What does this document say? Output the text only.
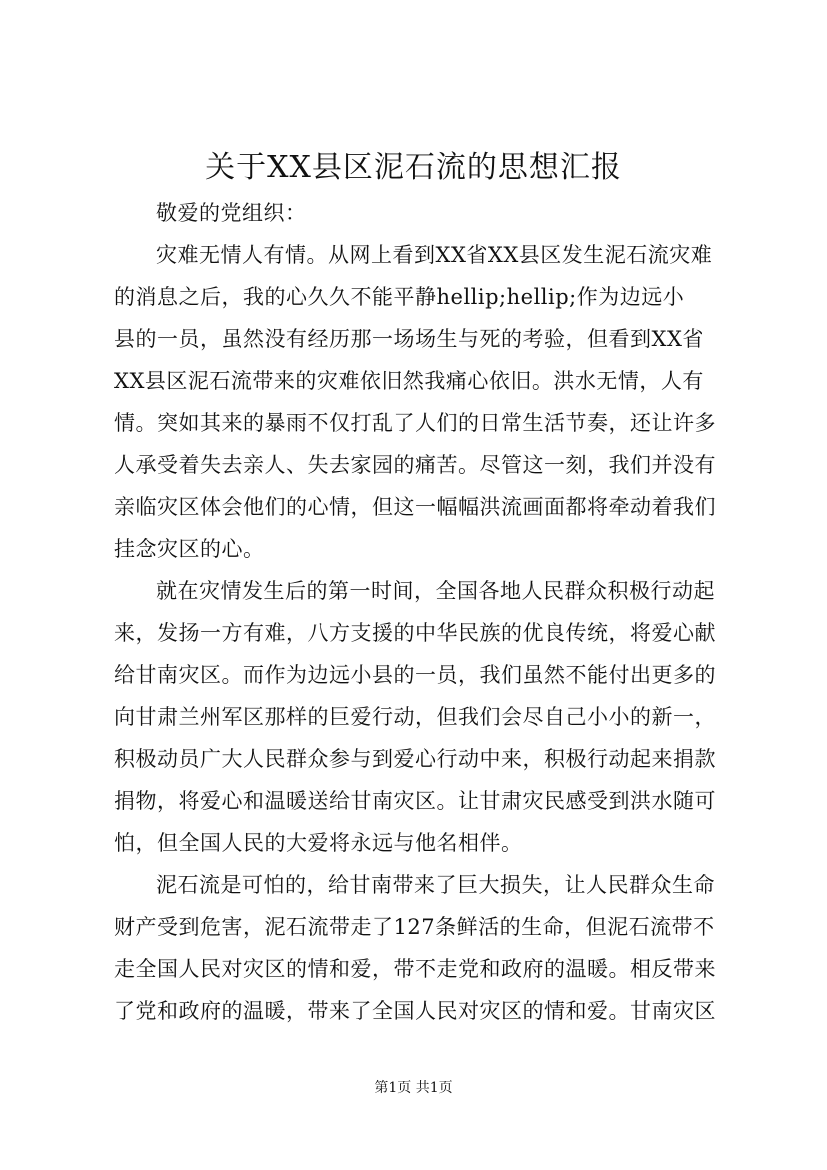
关于XX县区泥石流的思想汇报
敬爱的党组织：
灾难无情人有情。从网上看到XX省XX县区发生泥石流灾难
的消息之后，我的心久久不能平静hellip;hellip;作为边远小
县的一员，虽然没有经历那一场场生与死的考验，但看到XX省
XX县区泥石流带来的灾难依旧然我痛心依旧。洪水无情，人有
情。突如其来的暴雨不仅打乱了人们的日常生活节奏，还让许多
人承受着失去亲人、失去家园的痛苦。尽管这一刻，我们并没有
亲临灾区体会他们的心情，但这一幅幅洪流画面都将牵动着我们
挂念灾区的心。
就在灾情发生后的第一时间，全国各地人民群众积极行动起
来，发扬一方有难，八方支援的中华民族的优良传统，将爱心献
给甘南灾区。而作为边远小县的一员，我们虽然不能付出更多的
向甘肃兰州军区那样的巨爱行动，但我们会尽自己小小的新一，
积极动员广大人民群众参与到爱心行动中来，积极行动起来捐款
捐物，将爱心和温暖送给甘南灾区。让甘肃灾民感受到洪水随可
怕，但全国人民的大爱将永远与他名相伴。
泥石流是可怕的，给甘南带来了巨大损失，让人民群众生命
财产受到危害，泥石流带走了127条鲜活的生命，但泥石流带不
走全国人民对灾区的情和爱，带不走党和政府的温暖。相反带来
了党和政府的温暖，带来了全国人民对灾区的情和爱。甘南灾区
第1页 共1页
